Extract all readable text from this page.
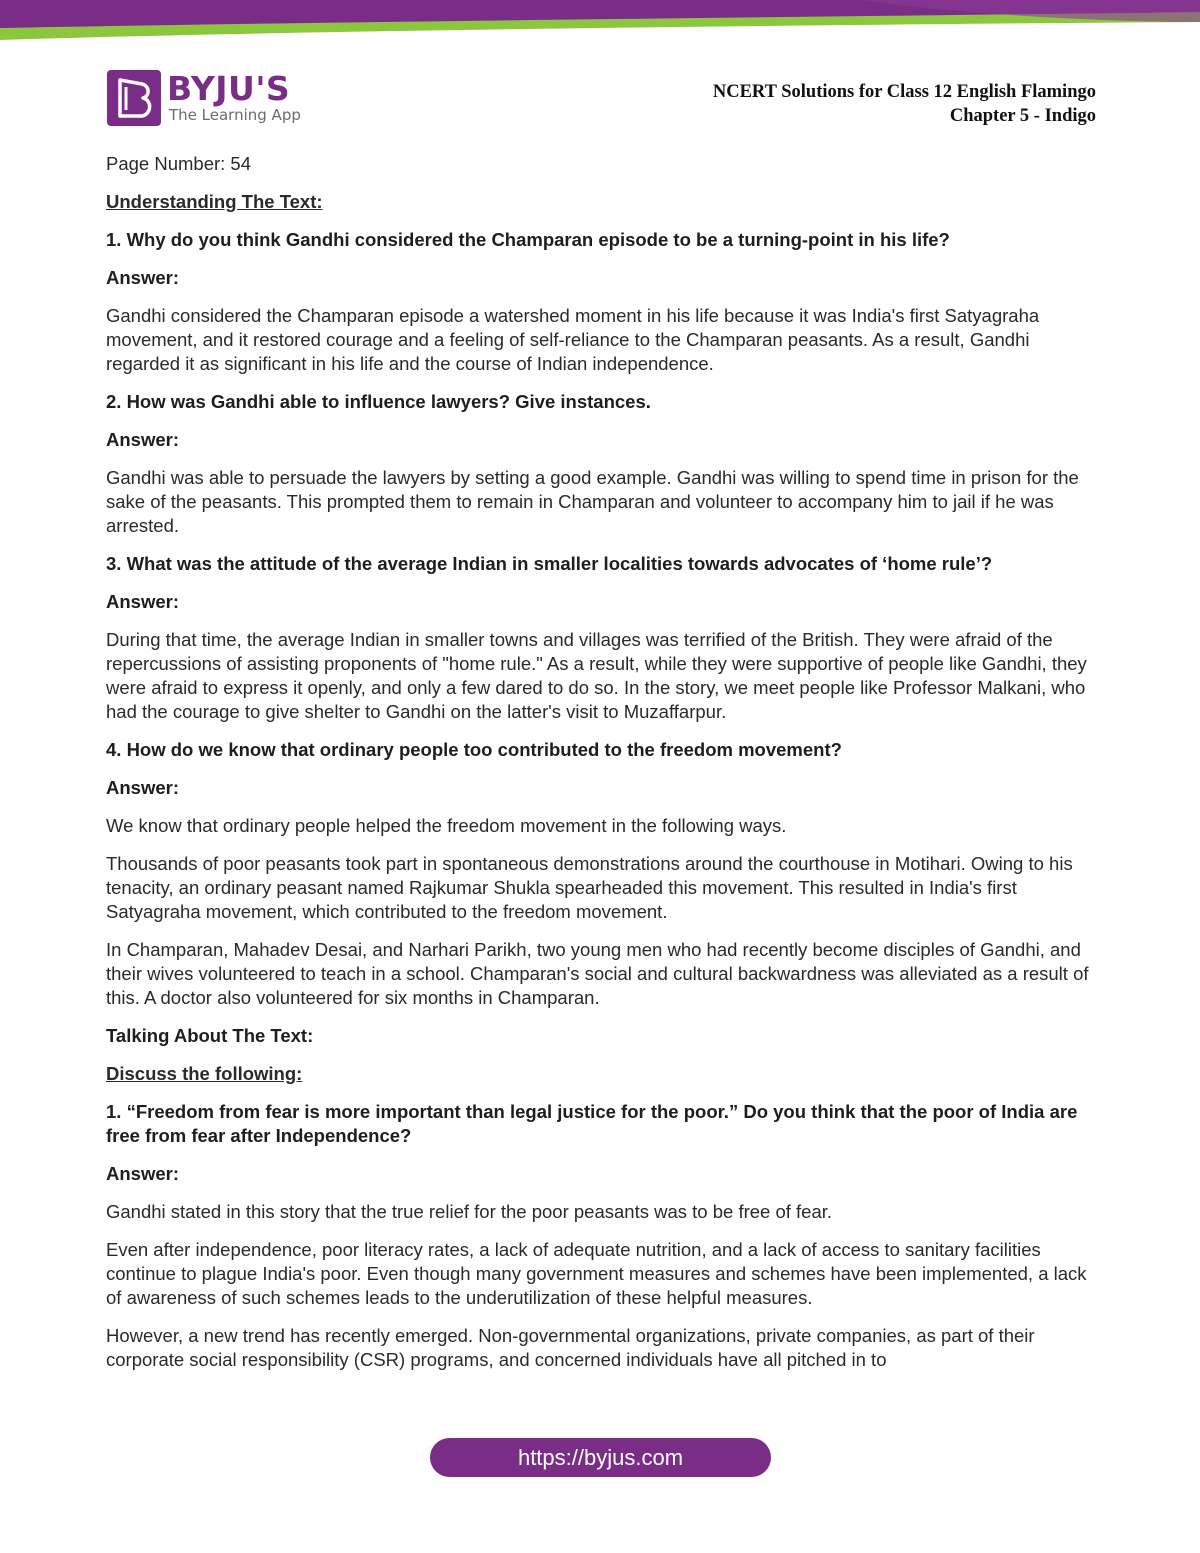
BYJU'S
The Learning App
NCERT Solutions for Class 12 English Flamingo
Chapter 5 - Indigo

Page Number: 54

Understanding The Text:

1. Why do you think Gandhi considered the Champaran episode to be a turning-point in his life?

Answer:

Gandhi considered the Champaran episode a watershed moment in his life because it was India's first Satyagraha movement, and it restored courage and a feeling of self-reliance to the Champaran peasants. As a result, Gandhi regarded it as significant in his life and the course of Indian independence.

2. How was Gandhi able to influence lawyers? Give instances.

Answer:

Gandhi was able to persuade the lawyers by setting a good example. Gandhi was willing to spend time in prison for the sake of the peasants. This prompted them to remain in Champaran and volunteer to accompany him to jail if he was arrested.

3. What was the attitude of the average Indian in smaller localities towards advocates of ‘home rule’?

Answer:

During that time, the average Indian in smaller towns and villages was terrified of the British. They were afraid of the repercussions of assisting proponents of "home rule." As a result, while they were supportive of people like Gandhi, they were afraid to express it openly, and only a few dared to do so. In the story, we meet people like Professor Malkani, who had the courage to give shelter to Gandhi on the latter's visit to Muzaffarpur.

4. How do we know that ordinary people too contributed to the freedom movement?

Answer:

We know that ordinary people helped the freedom movement in the following ways.

Thousands of poor peasants took part in spontaneous demonstrations around the courthouse in Motihari. Owing to his tenacity, an ordinary peasant named Rajkumar Shukla spearheaded this movement. This resulted in India's first Satyagraha movement, which contributed to the freedom movement.

In Champaran, Mahadev Desai, and Narhari Parikh, two young men who had recently become disciples of Gandhi, and their wives volunteered to teach in a school. Champaran's social and cultural backwardness was alleviated as a result of this. A doctor also volunteered for six months in Champaran.

Talking About The Text:

Discuss the following:

1. “Freedom from fear is more important than legal justice for the poor.” Do you think that the poor of India are free from fear after Independence?

Answer:

Gandhi stated in this story that the true relief for the poor peasants was to be free of fear.

Even after independence, poor literacy rates, a lack of adequate nutrition, and a lack of access to sanitary facilities continue to plague India's poor. Even though many government measures and schemes have been implemented, a lack of awareness of such schemes leads to the underutilization of these helpful measures.

However, a new trend has recently emerged. Non-governmental organizations, private companies, as part of their corporate social responsibility (CSR) programs, and concerned individuals have all pitched in to

https://byjus.com
